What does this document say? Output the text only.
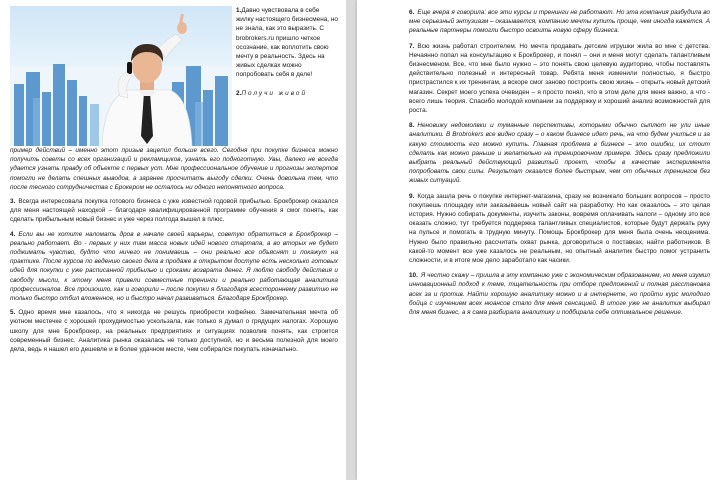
1.Давно чувствовала в себе жилку настоящего бизнесмена, но не знала, как это выразить. С brobrokers.ru пришло четкое осознание, как воплотить свою мечту в реальность. Здесь на живых сделках можно попробовать себя в деле!
2.Получи живой

пример действий – именно этот призыв зацепил больше всего. Сегодня при покупке бизнеса можно получить советы со всех организаций и рекламщиков, узнать его подноготную. Увы, далеко не всегда удается узнать правду об объекте с первых уст. Мне профессиональное обучение и прогнозы экспертов помогли не делать спешных выводов, а заранее просчитать выгоду сделки. Очень довольна тем, что после тесного сотрудничества с Брокером не осталось ни одного непонятного вопроса.

3. Всегда интересовала покупка готового бизнеса с уже известной годовой прибылью. Брокброкер оказался для меня настоящей находкой – благодаря квалифицированной программе обучения я смог понять, как сделать прибыльным новый бизнес и уже через полгода вышел в плюс.

4. Если вы не хотите наломать дров в начале своей карьеры, советую обратиться в Брокброкер – реально работает. Во - первых у них там масса новых идей нового стартапа, а во вторых не будет поджимать чувство, будто что ничего не понимаешь – они реально все объяснят и покажут на практике. После курсов по ведению своего дела в продаже в открытом доступе есть несколько готовых идей для покупки с уже расписанной прибылью и сроками возврата денег. Я люблю свободу действия и свободу мысли, к этому меня привели совместные тренинги и реально работающая аналитика профессионалов. Все произошло, как и говорили – после покупки я благодаря всестороннему развитию не только быстро отбил вложенное, но и быстро начал развиваться. Благодаря Брокброкер.

5. Одно время мне казалось, что я никогда не решусь приобрести кофейню. Замечательная мечта об уютном местечке с хорошей прохудимостью ускользала, как только я думал о грядущих налогах. Хорошую школу для мне Брокброкер, на реальных предприятиях и ситуациях позволив понять, как строится современный бизнес. Аналитика рынка оказалась не только доступной, но и весьма полезной для моего дела, ведь я нашел его дешевле и в более удачном месте, чем собирался покупать изначально.

6. Еще вчера я говорила: все эти курсы и тренинги не работают. Но эта компания разбудила во мне серьезный энтузиазм – оказывается, компанию мечты купить проще, чем иногда кажется. А реальные партнеры помогли быстро освоить новую сферу бизнеса.

7. Всю жизнь работал строителем. Но мечта продавать детские игрушки жила во мне с детства. Нечаянно попал на консультацию к Брокброкер, и понял – они и меня могут сделать талантливым бизнесменом. Все, что мне было нужно – это понять свою целевую аудиторию, чтобы поставлять действительно полезный и интересный товар. Ребята меня изменили полностью, я быстро пристрастился к их тренингам, а вскоре смог заново построить свою жизнь – открыть новый детский магазин. Секрет моего успеха очевиден – я просто понял, что в этом деле для меня важно, а что - всего лишь теория. Спасибо молодой компании за поддержку и хороший анализ возможностей для роста.

8. Неновижу недомолвки и туманные перспективы, которыми обычно сыплют не ули иные аналитики. В Brobrokers все видно сразу – о каком бизнесе идет речь, на что будем учиться и за какую стоимость его можно купить. Главная проблема в бизнесе – это ошибки, их стоит сделать как можно раньше и желательно на тренировочном примере. Здесь сразу предложили выбрать реальный действующий развитый проект, чтобы в качестве эксперимента попробовать свои силы. Результат оказался более быстрым, чем от обычных тренингов без живых ситуаций.

9. Когда зашла речь о покупке интернет-магазина, сразу не возникало больших вопросов – просто покупаешь площадку или заказываешь новый сайт на разработку. Но как оказалось – это целая история. Нужно собирать документы, изучить законы, вовремя оплачивать налоги – одному это все оказать сложно, тут требуется поддержка талантливых специалистов, которые будут держать руку на пульсе и помогать в трудную минуту. Помощь Брокброкер для меня была очень неоценима. Нужно было правильно рассчитать охват рынка, договориться о поставках, найти работников. В какой-то момент все уже казалось не реальным, но опытный аналитик быстро помог устранить сложности, и в итоге мое дело заработало как часики.

10. Я честно скажу – пришла в эту компанию уже с экономическим образованием, но меня изумил инновационный подход к теме, тщательность при отборе предложений и полная расстановка всех за и против. Найти хорошую аналитику можно и в интернете, но пройти курс молодого бойца с изучением всех нюансов стало для меня сенсацией. В итоге уже не аналитик выбирал для меня бизнес, а я сама разбирала аналитику и подбирала себе оптимальное решение.
